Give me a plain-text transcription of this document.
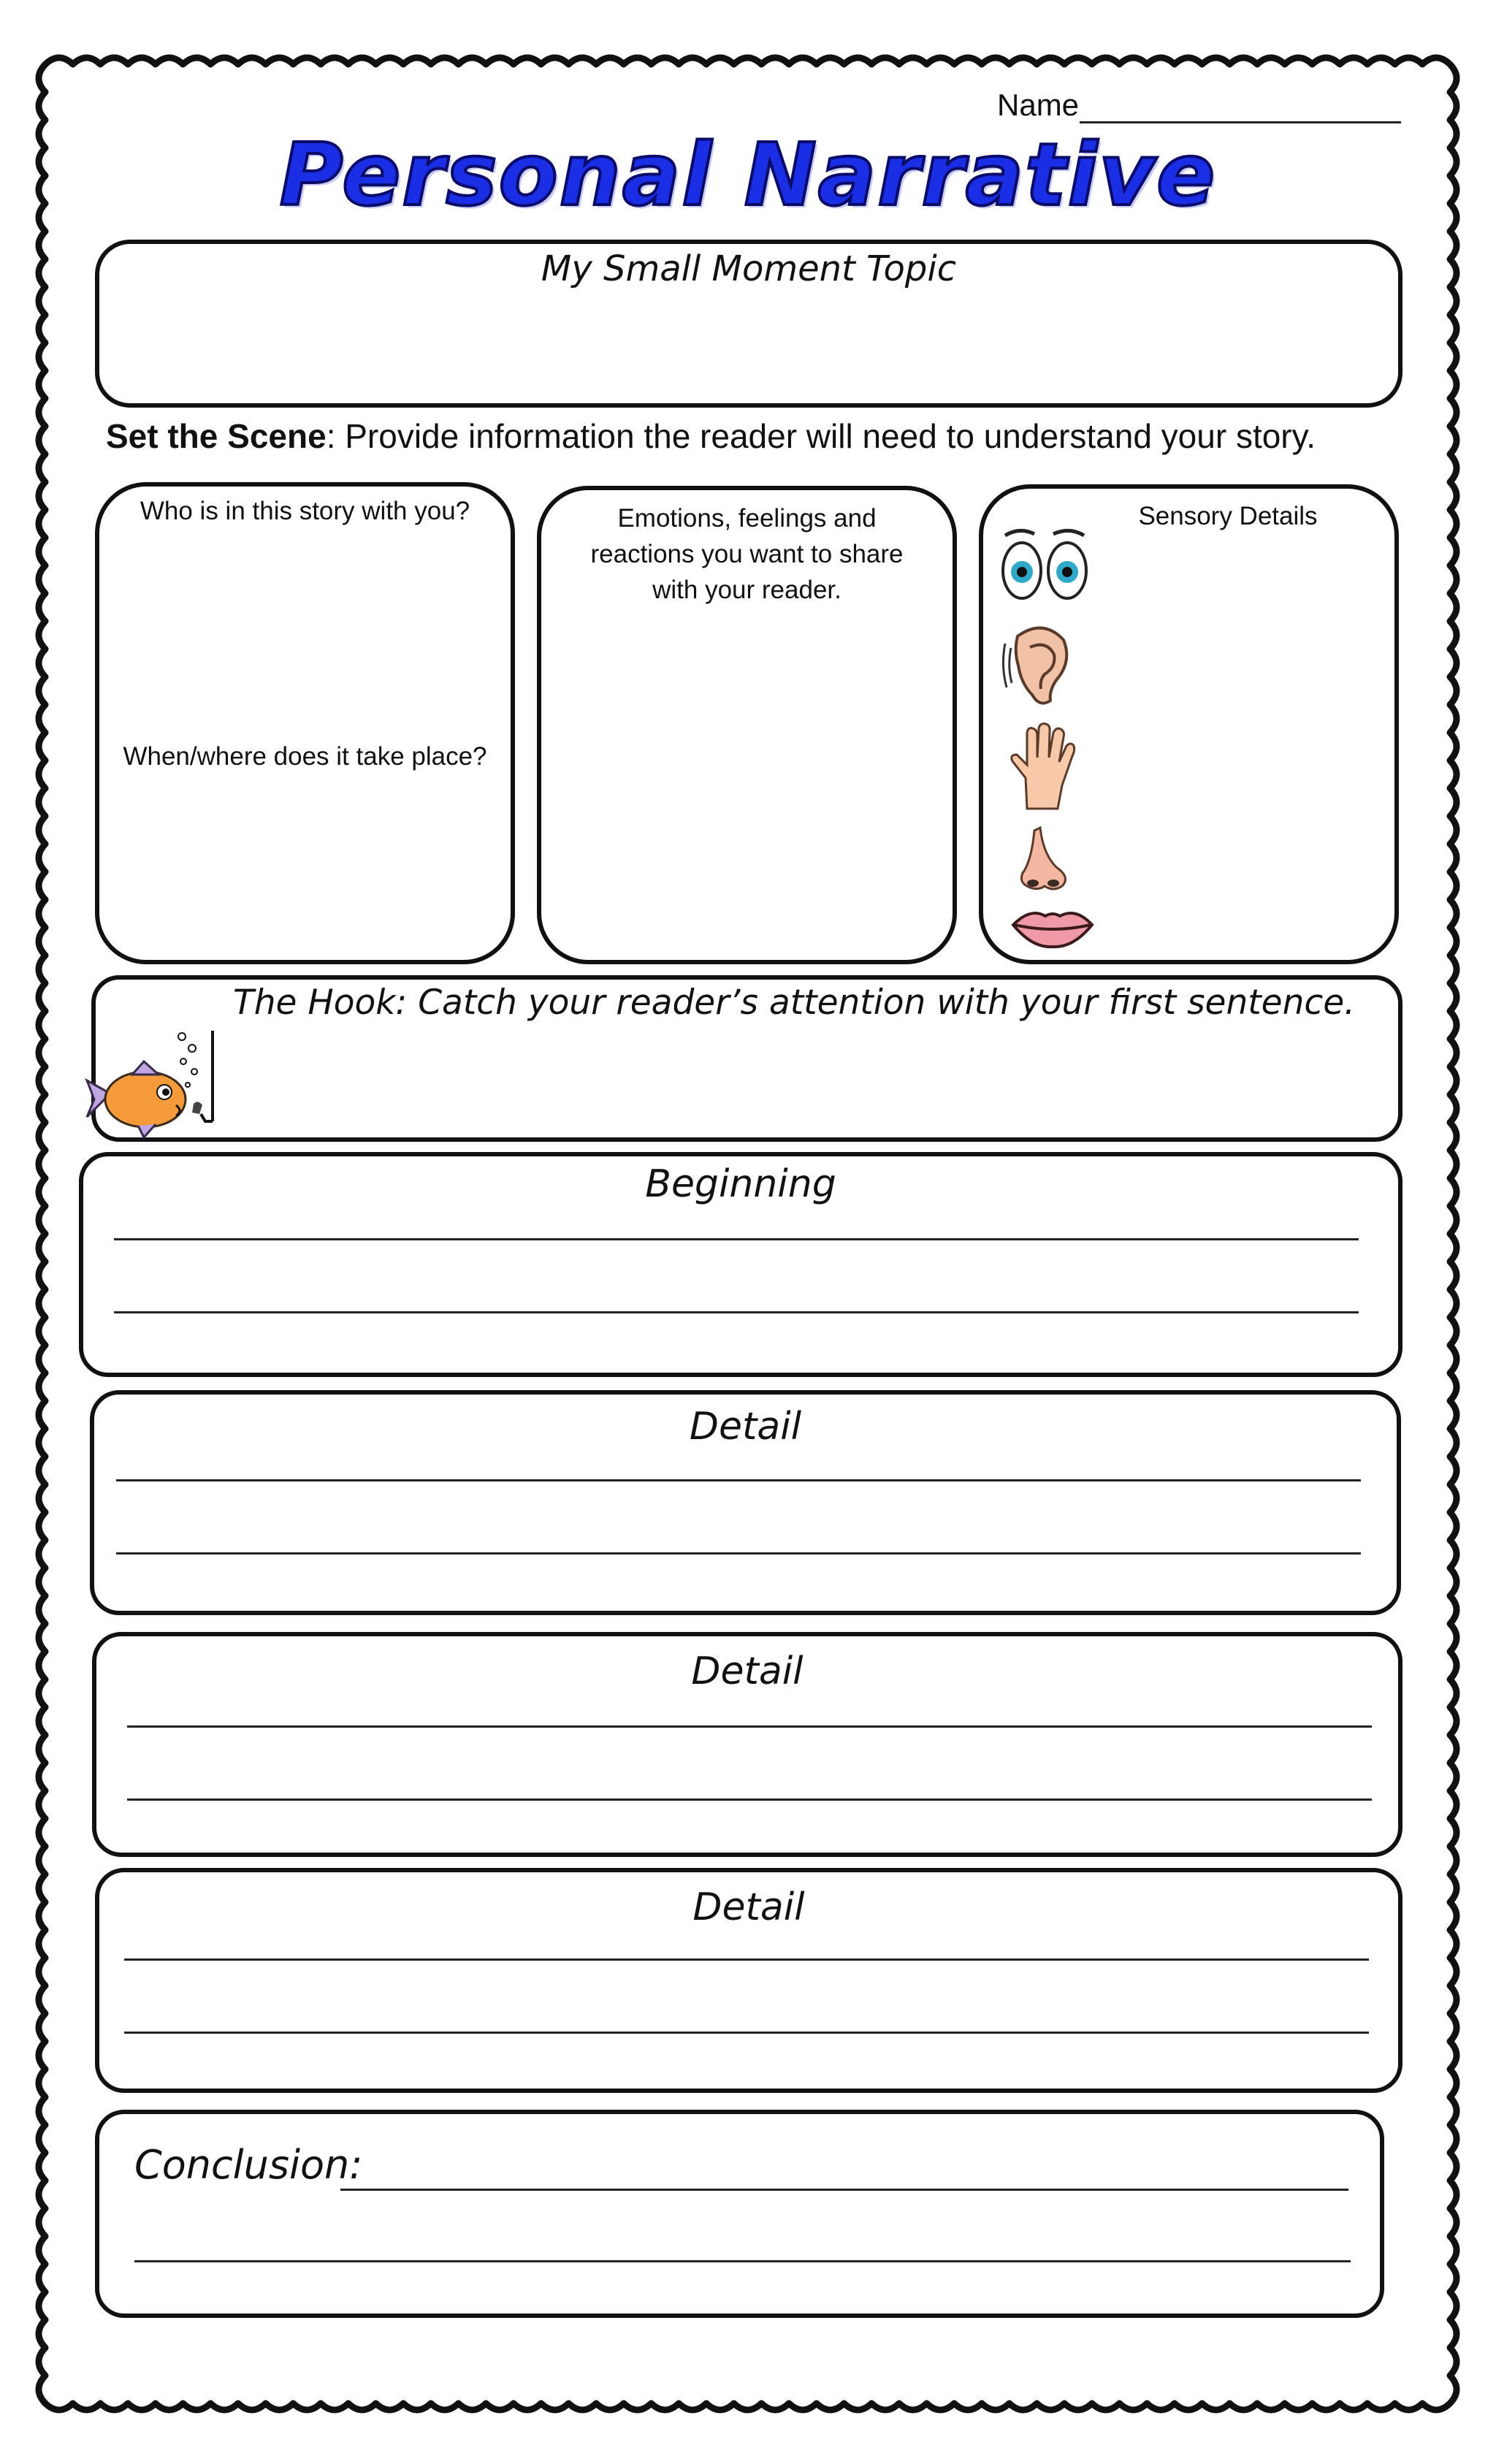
Name
Personal Narrative
My Small Moment Topic
Set the Scene: Provide information the reader will need to understand your story.
Who is in this story with you?
When/where does it take place?
Emotions, feelings and reactions you want to share with your reader.
Sensory Details
The Hook: Catch your reader’s attention with your first sentence.
Beginning
Detail
Detail
Detail
Conclusion:
